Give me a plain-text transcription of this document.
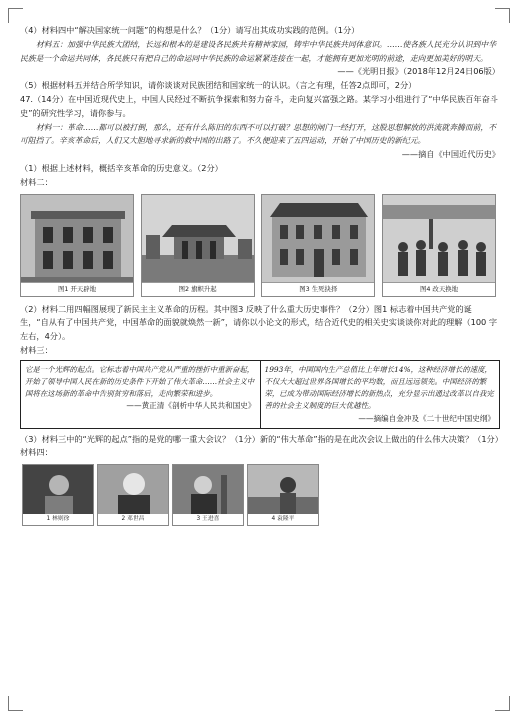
（4）材料四中“解决国家统一问题”的构想是什么？（1分）请写出其成功实践的范例。（1分）

材料五：加强中华民族大团结，长远和根本的是建设各民族共有精神家园，铸牢中华民族共同体意识。……使各族人民充分认识到中华民族是一个命运共同体，各民族只有把自己的命运同中华民族的命运紧紧连接在一起，才能拥有更加光明的前途，走向更加美好的明天。

——《光明日报》（2018年12月24日06版）

（5）根据材料五并结合所学知识，请你谈谈对民族团结和国家统一的认识。（言之有理，任答2点即可，2分）

47.（14分）在中国近现代史上，中国人民经过不断抗争探索和努力奋斗，走向复兴富强之路。某学习小组进行了“中华民族百年奋斗史”的研究性学习，请你参与。

材料一：革命……都可以被打倒，那么，还有什么陈旧的东西不可以打破？思想的闸门一经打开，这股思想解放的洪流就奔腾而前，不可阻挡了。辛亥革命后，人们又大胆地寻求新的救中国的出路了。不久便迎来了五四运动，开始了中国历史的新纪元。

——摘自《中国近代历史》

（1）根据上述材料，概括辛亥革命的历史意义。（2分）

材料二：

图1 开天辟地	图2 旗帜升起	图3 生死抉择	图4 改天换地

（2）材料二用四幅图展现了新民主主义革命的历程。其中图3 反映了什么重大历史事件？（2分）图1 标志着中国共产党的诞生，“自从有了中国共产党，中国革命的面貌就焕然一新”，请你以小论文的形式，结合近代史的相关史实谈谈你对此的理解（100 字左右，4分）。

材料三：

它是一个光辉的起点。它标志着中国共产党从严重的挫折中重新奋起，开始了领导中国人民在新的历史条件下开始了伟大革命……社会主义中国将在这场新的革命中告别贫穷和落后，走向繁荣和进步。
——黄正清《剖析中华人民共和国史》

1993年，中国国内生产总值比上年增长14%，这种经济增长的速度，不仅大大超过世界各国增长的平均数，而且远远领先。中国经济的繁荣，已成为带动国际经济增长的新热点，充分显示出通过改革以自我完善的社会主义制度的巨大优越性。
——摘编自金冲及《二十世纪中国史纲》

（3）材料三中的“光辉的起点”指的是党的哪一重大会议？（1分）新的“伟大革命”指的是在此次会议上做出的什么伟大决策？（1分）

材料四：

1 林则徐	2 邓世昌	3 王进喜	4 袁隆平
